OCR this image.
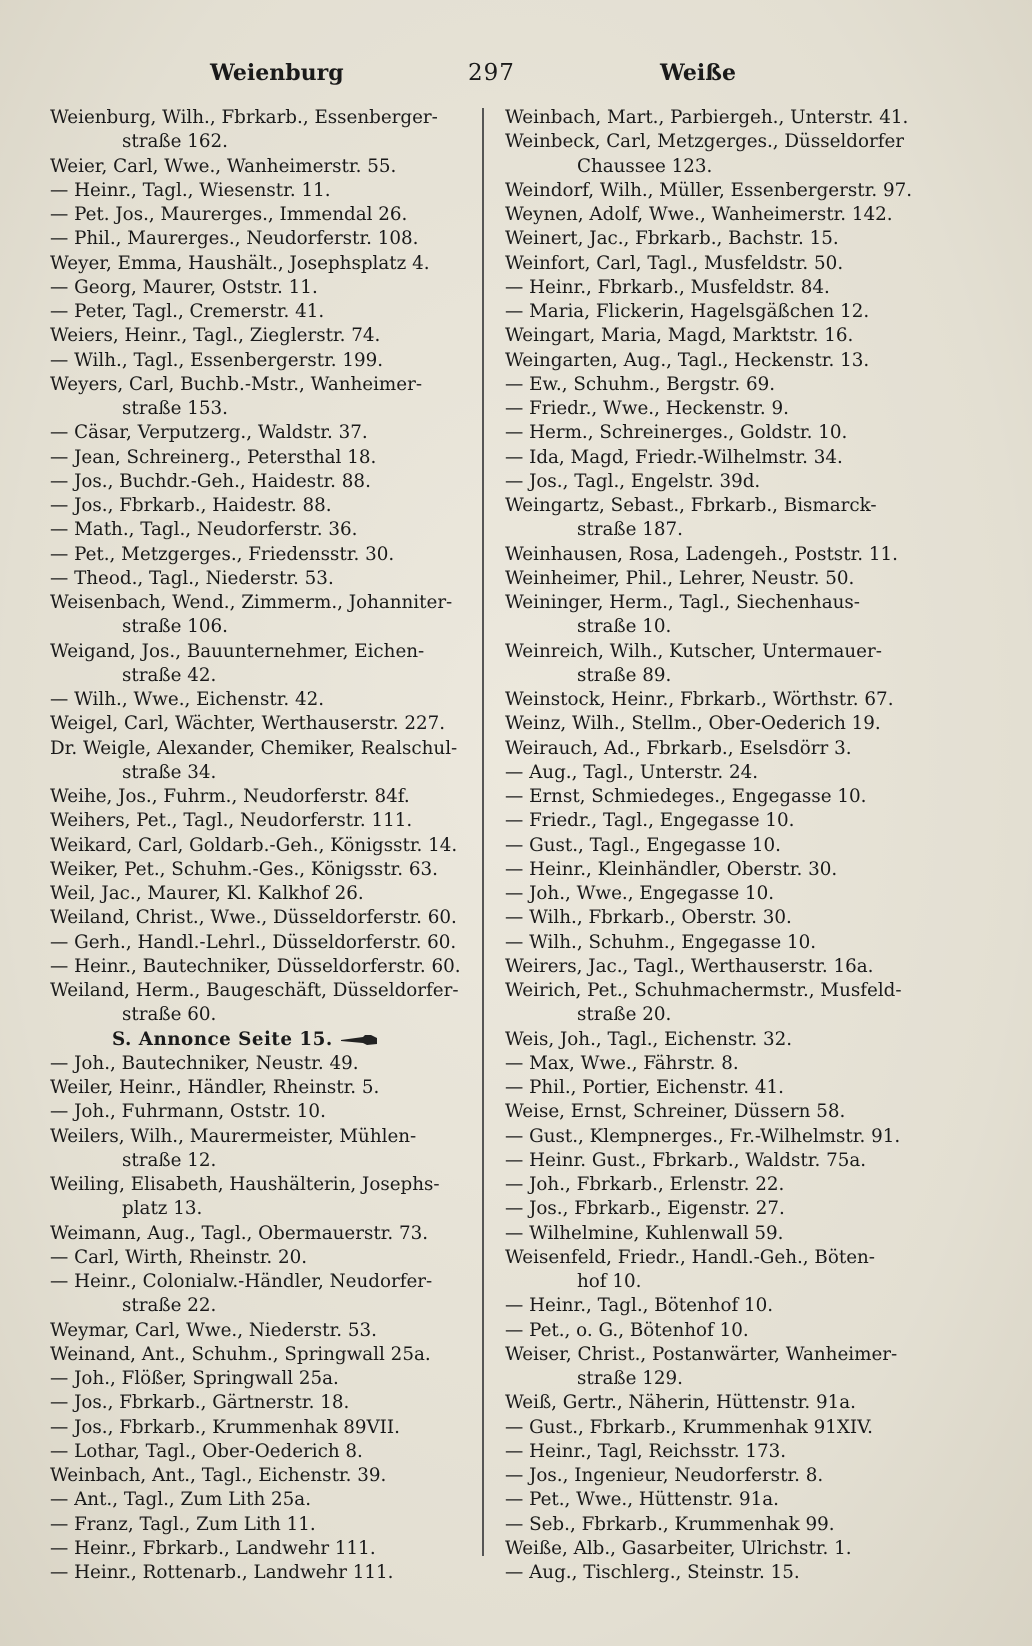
Weienburg	297	Weiße
Weienburg, Wilh., Fbrkarb., Essenberger-
straße 162.
Weier, Carl, Wwe., Wanheimerstr. 55.
— Heinr., Tagl., Wiesenstr. 11.
— Pet. Jos., Maurerges., Immendal 26.
— Phil., Maurerges., Neudorferstr. 108.
Weyer, Emma, Haushält., Josephsplatz 4.
— Georg, Maurer, Oststr. 11.
— Peter, Tagl., Cremerstr. 41.
Weiers, Heinr., Tagl., Zieglerstr. 74.
— Wilh., Tagl., Essenbergerstr. 199.
Weyers, Carl, Buchb.-Mstr., Wanheimer-
straße 153.
— Cäsar, Verputzerg., Waldstr. 37.
— Jean, Schreinerg., Petersthal 18.
— Jos., Buchdr.-Geh., Haidestr. 88.
— Jos., Fbrkarb., Haidestr. 88.
— Math., Tagl., Neudorferstr. 36.
— Pet., Metzgerges., Friedensstr. 30.
— Theod., Tagl., Niederstr. 53.
Weisenbach, Wend., Zimmerm., Johanniter-
straße 106.
Weigand, Jos., Bauunternehmer, Eichen-
straße 42.
— Wilh., Wwe., Eichenstr. 42.
Weigel, Carl, Wächter, Werthauserstr. 227.
Dr. Weigle, Alexander, Chemiker, Realschul-
straße 34.
Weihe, Jos., Fuhrm., Neudorferstr. 84f.
Weihers, Pet., Tagl., Neudorferstr. 111.
Weikard, Carl, Goldarb.-Geh., Königsstr. 14.
Weiker, Pet., Schuhm.-Ges., Königsstr. 63.
Weil, Jac., Maurer, Kl. Kalkhof 26.
Weiland, Christ., Wwe., Düsseldorferstr. 60.
— Gerh., Handl.-Lehrl., Düsseldorferstr. 60.
— Heinr., Bautechniker, Düsseldorferstr. 60.
Weiland, Herm., Baugeschäft, Düsseldorfer-
straße 60.
S. Annonce Seite 15.
— Joh., Bautechniker, Neustr. 49.
Weiler, Heinr., Händler, Rheinstr. 5.
— Joh., Fuhrmann, Oststr. 10.
Weilers, Wilh., Maurermeister, Mühlen-
straße 12.
Weiling, Elisabeth, Haushälterin, Josephs-
platz 13.
Weimann, Aug., Tagl., Obermauerstr. 73.
— Carl, Wirth, Rheinstr. 20.
— Heinr., Colonialw.-Händler, Neudorfer-
straße 22.
Weymar, Carl, Wwe., Niederstr. 53.
Weinand, Ant., Schuhm., Springwall 25a.
— Joh., Flößer, Springwall 25a.
— Jos., Fbrkarb., Gärtnerstr. 18.
— Jos., Fbrkarb., Krummenhak 89VII.
— Lothar, Tagl., Ober-Oederich 8.
Weinbach, Ant., Tagl., Eichenstr. 39.
— Ant., Tagl., Zum Lith 25a.
— Franz, Tagl., Zum Lith 11.
— Heinr., Fbrkarb., Landwehr 111.
— Heinr., Rottenarb., Landwehr 111.
Weinbach, Mart., Parbiergeh., Unterstr. 41.
Weinbeck, Carl, Metzgerges., Düsseldorfer
Chaussee 123.
Weindorf, Wilh., Müller, Essenbergerstr. 97.
Weynen, Adolf, Wwe., Wanheimerstr. 142.
Weinert, Jac., Fbrkarb., Bachstr. 15.
Weinfort, Carl, Tagl., Musfeldstr. 50.
— Heinr., Fbrkarb., Musfeldstr. 84.
— Maria, Flickerin, Hagelsgäßchen 12.
Weingart, Maria, Magd, Marktstr. 16.
Weingarten, Aug., Tagl., Heckenstr. 13.
— Ew., Schuhm., Bergstr. 69.
— Friedr., Wwe., Heckenstr. 9.
— Herm., Schreinerges., Goldstr. 10.
— Ida, Magd, Friedr.-Wilhelmstr. 34.
— Jos., Tagl., Engelstr. 39d.
Weingartz, Sebast., Fbrkarb., Bismarck-
straße 187.
Weinhausen, Rosa, Ladengeh., Poststr. 11.
Weinheimer, Phil., Lehrer, Neustr. 50.
Weininger, Herm., Tagl., Siechenhaus-
straße 10.
Weinreich, Wilh., Kutscher, Untermauer-
straße 89.
Weinstock, Heinr., Fbrkarb., Wörthstr. 67.
Weinz, Wilh., Stellm., Ober-Oederich 19.
Weirauch, Ad., Fbrkarb., Eselsdörr 3.
— Aug., Tagl., Unterstr. 24.
— Ernst, Schmiedeges., Engegasse 10.
— Friedr., Tagl., Engegasse 10.
— Gust., Tagl., Engegasse 10.
— Heinr., Kleinhändler, Oberstr. 30.
— Joh., Wwe., Engegasse 10.
— Wilh., Fbrkarb., Oberstr. 30.
— Wilh., Schuhm., Engegasse 10.
Weirers, Jac., Tagl., Werthauserstr. 16a.
Weirich, Pet., Schuhmachermstr., Musfeld-
straße 20.
Weis, Joh., Tagl., Eichenstr. 32.
— Max, Wwe., Fährstr. 8.
— Phil., Portier, Eichenstr. 41.
Weise, Ernst, Schreiner, Düssern 58.
— Gust., Klempnerges., Fr.-Wilhelmstr. 91.
— Heinr. Gust., Fbrkarb., Waldstr. 75a.
— Joh., Fbrkarb., Erlenstr. 22.
— Jos., Fbrkarb., Eigenstr. 27.
— Wilhelmine, Kuhlenwall 59.
Weisenfeld, Friedr., Handl.-Geh., Böten-
hof 10.
— Heinr., Tagl., Bötenhof 10.
— Pet., o. G., Bötenhof 10.
Weiser, Christ., Postanwärter, Wanheimer-
straße 129.
Weiß, Gertr., Näherin, Hüttenstr. 91a.
— Gust., Fbrkarb., Krummenhak 91XIV.
— Heinr., Tagl, Reichsstr. 173.
— Jos., Ingenieur, Neudorferstr. 8.
— Pet., Wwe., Hüttenstr. 91a.
— Seb., Fbrkarb., Krummenhak 99.
Weiße, Alb., Gasarbeiter, Ulrichstr. 1.
— Aug., Tischlerg., Steinstr. 15.
